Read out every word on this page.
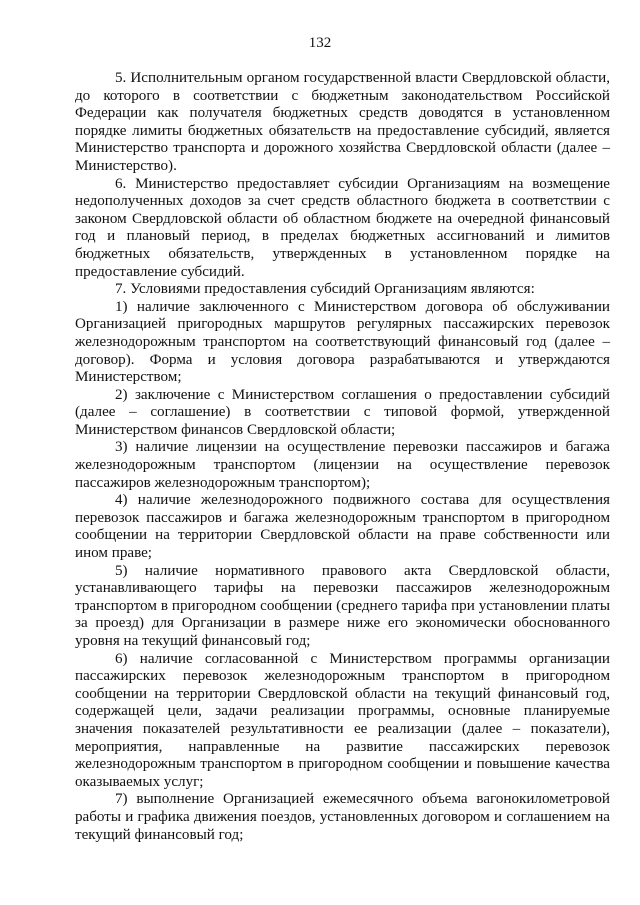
132

5. Исполнительным органом государственной власти Свердловской области, до которого в соответствии с бюджетным законодательством Российской Федерации как получателя бюджетных средств доводятся в установленном порядке лимиты бюджетных обязательств на предоставление субсидий, является Министерство транспорта и дорожного хозяйства Свердловской области (далее – Министерство).

6. Министерство предоставляет субсидии Организациям на возмещение недополученных доходов за счет средств областного бюджета в соответствии с законом Свердловской области об областном бюджете на очередной финансовый год и плановый период, в пределах бюджетных ассигнований и лимитов бюджетных обязательств, утвержденных в установленном порядке на предоставление субсидий.

7. Условиями предоставления субсидий Организациям являются:

1) наличие заключенного с Министерством договора об обслуживании Организацией пригородных маршрутов регулярных пассажирских перевозок железнодорожным транспортом на соответствующий финансовый год (далее – договор). Форма и условия договора разрабатываются и утверждаются Министерством;

2) заключение с Министерством соглашения о предоставлении субсидий (далее – соглашение) в соответствии с типовой формой, утвержденной Министерством финансов Свердловской области;

3) наличие лицензии на осуществление перевозки пассажиров и багажа железнодорожным транспортом (лицензии на осуществление перевозок пассажиров железнодорожным транспортом);

4) наличие железнодорожного подвижного состава для осуществления перевозок пассажиров и багажа железнодорожным транспортом в пригородном сообщении на территории Свердловской области на праве собственности или ином праве;

5) наличие нормативного правового акта Свердловской области, устанавливающего тарифы на перевозки пассажиров железнодорожным транспортом в пригородном сообщении (среднего тарифа при установлении платы за проезд) для Организации в размере ниже его экономически обоснованного уровня на текущий финансовый год;

6) наличие согласованной с Министерством программы организации пассажирских перевозок железнодорожным транспортом в пригородном сообщении на территории Свердловской области на текущий финансовый год, содержащей цели, задачи реализации программы, основные планируемые значения показателей результативности ее реализации (далее – показатели), мероприятия, направленные на развитие пассажирских перевозок железнодорожным транспортом в пригородном сообщении и повышение качества оказываемых услуг;

7) выполнение Организацией ежемесячного объема вагонокилометровой работы и графика движения поездов, установленных договором и соглашением на текущий финансовый год;
